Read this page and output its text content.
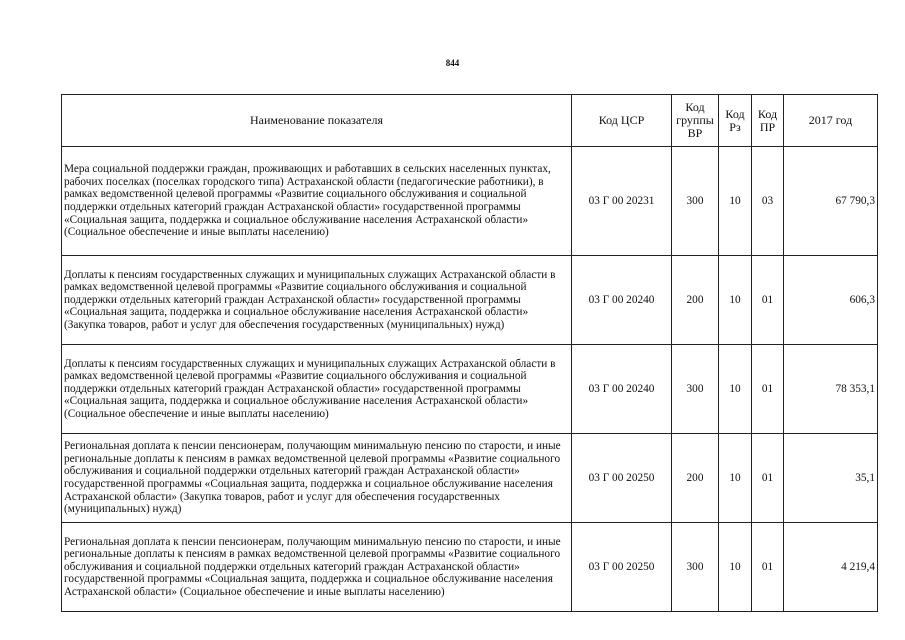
844
Наименование показателя	Код ЦСР	Код группы ВР	Код Рз	Код ПР	2017 год
Мера социальной поддержки граждан, проживающих и работавших в сельских населенных пунктах, рабочих поселках (поселках городского типа) Астраханской области (педагогические работники), в рамках ведомственной целевой программы «Развитие социального обслуживания и социальной поддержки отдельных категорий граждан Астраханской области» государственной программы «Социальная защита, поддержка и социальное обслуживание населения Астраханской области» (Социальное обеспечение и иные выплаты населению)	03 Г 00 20231	300	10	03	67 790,3
Доплаты к пенсиям государственных служащих и муниципальных служащих Астраханской области в рамках ведомственной целевой программы «Развитие социального обслуживания и социальной поддержки отдельных категорий граждан Астраханской области» государственной программы «Социальная защита, поддержка и социальное обслуживание населения Астраханской области» (Закупка товаров, работ и услуг для обеспечения государственных (муниципальных) нужд)	03 Г 00 20240	200	10	01	606,3
Доплаты к пенсиям государственных служащих и муниципальных служащих Астраханской области в рамках ведомственной целевой программы «Развитие социального обслуживания и социальной поддержки отдельных категорий граждан Астраханской области» государственной программы «Социальная защита, поддержка и социальное обслуживание населения Астраханской области» (Социальное обеспечение и иные выплаты населению)	03 Г 00 20240	300	10	01	78 353,1
Региональная доплата к пенсии пенсионерам, получающим минимальную пенсию по старости, и иные региональные доплаты к пенсиям в рамках ведомственной целевой программы «Развитие социального обслуживания и социальной поддержки отдельных категорий граждан Астраханской области» государственной программы «Социальная защита, поддержка и социальное обслуживание населения Астраханской области» (Закупка товаров, работ и услуг для обеспечения государственных (муниципальных) нужд)	03 Г 00 20250	200	10	01	35,1
Региональная доплата к пенсии пенсионерам, получающим минимальную пенсию по старости, и иные региональные доплаты к пенсиям в рамках ведомственной целевой программы «Развитие социального обслуживания и социальной поддержки отдельных категорий граждан Астраханской области» государственной программы «Социальная защита, поддержка и социальное обслуживание населения Астраханской области» (Социальное обеспечение и иные выплаты населению)	03 Г 00 20250	300	10	01	4 219,4
